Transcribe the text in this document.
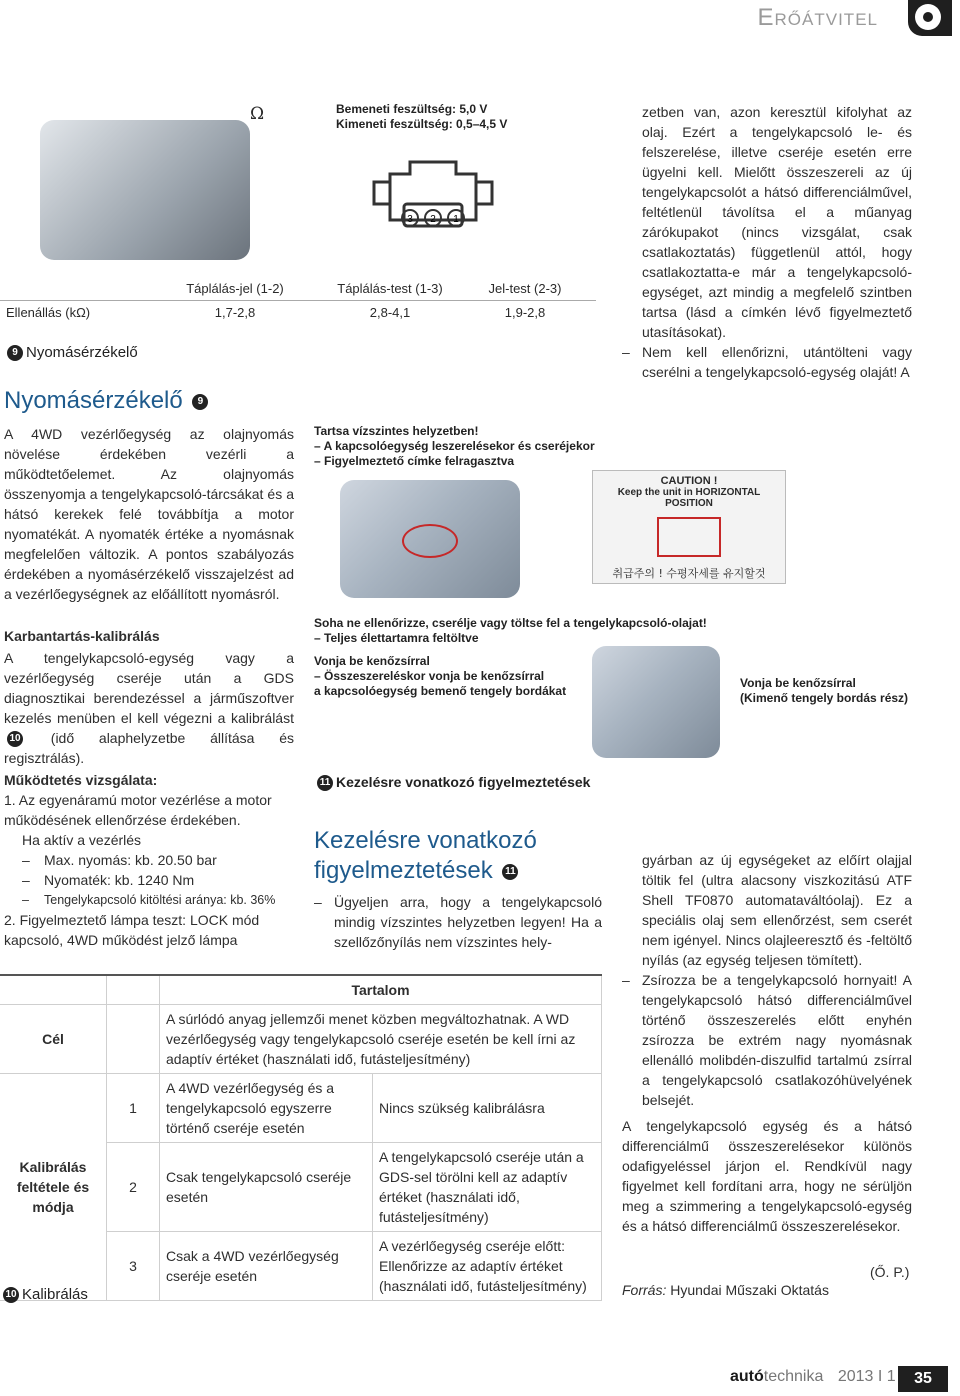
Erőátvitel
Ω	Bemeneti feszültség: 5,0 V
Kimeneti feszültség: 0,5–4,5 V
3 2 1
	Táplálás-jel (1-2)	Táplálás-test (1-3)	Jel-test (2-3)
Ellenállás (kΩ)	1,7-2,8	2,8-4,1	1,9-2,8
9 Nyomásérzékelő
Nyomásérzékelő 9
A 4WD vezérlőegység az olajnyomás növelése érdekében vezérli a működtetőelemet. Az olajnyomás összenyomja a tengelykapcsoló-tárcsákat és a hátsó kerekek felé továbbítja a motor nyomatékát. A nyomaték értéke a nyomásnak megfelelően változik. A pontos szabályozás érdekében a nyomásérzékelő visszajelzést ad a vezérlőegységnek az előállított nyomásról.
Karbantartás-kalibrálás
A tengelykapcsoló-egység vagy a vezérlőegység cseréje után a GDS diagnosztikai berendezéssel a járműszoftver kezelés menüben el kell végezni a kalibrálást 10 (idő alaphelyzetbe állítása és regisztrálás).
Működtetés vizsgálata:
1. Az egyenáramú motor vezérlése a motor működésének ellenőrzése érdekében.
Ha aktív a vezérlés
– Max. nyomás: kb. 20.50 bar
– Nyomaték: kb. 1240 Nm
– Tengelykapcsoló kitöltési aránya: kb. 36%
2. Figyelmeztető lámpa teszt: LOCK mód kapcsoló, 4WD működést jelző lámpa
zetben van, azon keresztül kifolyhat az olaj. Ezért a tengelykapcsoló le- és felszerelése, illetve cseréje esetén erre ügyelni kell. Mielőtt összeszereli az új tengelykapcsolót a hátsó differenciálművel, feltétlenül távolítsa el a műanyag zárókupakot (nincs vizsgálat, csak csatlakoztatás) függetlenül attól, hogy csatlakoztatta-e már a tengelykapcsoló-egységet, azt mindig a megfelelő szintben tartsa (lásd a címkén lévő figyelmeztető utasításokat).
– Nem kell ellenőrizni, utántölteni vagy cserélni a tengelykapcsoló-egység olaját! A
Tartsa vízszintes helyzetben!
– A kapcsolóegység leszerelésekor és cseréjekor
– Figyelmeztető címke felragasztva
CAUTION !
Keep the unit in HORIZONTAL POSITION
취급주의 ! 수평자세를 유지할것
Soha ne ellenőrizze, cserélje vagy töltse fel a tengelykapcsoló-olajat!
– Teljes élettartamra feltöltve
Vonja be kenőzsírral
– Összeszereléskor vonja be kenőzsírral
a kapcsolóegység bemenő tengely bordákat
Vonja be kenőzsírral
(Kimenő tengely bordás rész)
11 Kezelésre vonatkozó figyelmeztetések
Kezelésre vonatkozó
figyelmeztetések 11
– Ügyeljen arra, hogy a tengelykapcsoló mindig vízszintes helyzetben legyen! Ha a szellőzőnyílás nem vízszintes hely-
gyárban az új egységeket az előírt olajjal töltik fel (ultra alacsony viszkozitású ATF Shell TF0870 automataváltóolaj). Ez a speciális olaj sem ellenőrzést, sem cserét nem igényel. Nincs olajleeresztő és -feltöltő nyílás (az egység teljesen tömített).
– Zsírozza be a tengelykapcsoló hornyait! A tengelykapcsoló hátsó differenciálművel történő összeszerelés előtt enyhén zsírozza be extrém nagy nyomásnak ellenálló molibdén-diszulfid tartalmú zsírral a tengelykapcsoló csatlakozóhüvelyének belsejét.
A tengelykapcsoló egység és a hátsó differenciálmű összeszerelésekor különös odafigyeléssel járjon el. Rendkívül nagy figyelmet kell fordítani arra, hogy ne sérüljön meg a szimmering a tengelykapcsoló-egység és a hátsó differenciálmű összeszerelésekor.
(Ő. P.)
Forrás: Hyundai Műszaki Oktatás
		Tartalom	
Cél		A súrlódó anyag jellemzői menet közben megváltozhatnak. A WD vezérlőegység vagy tengelykapcsoló cseréje esetén be kell írni az adaptív értéket (használati idő, futásteljesítmény)	
Kalibrálás feltétele és módja	1	A 4WD vezérlőegység és a tengelykapcsoló egyszerre történő cseréje esetén	Nincs szükség kalibrálásra
	2	Csak tengelykapcsoló cseréje esetén	A tengelykapcsoló cseréje után a GDS-sel törölni kell az adaptív értéket (használati idő, futásteljesítmény)
	3	Csak a 4WD vezérlőegység cseréje esetén	A vezérlőegység cseréje előtt: Ellenőrizze az adaptív értéket (használati idő, futásteljesítmény)
10 Kalibrálás
autótechnika 2013 I 1	35
